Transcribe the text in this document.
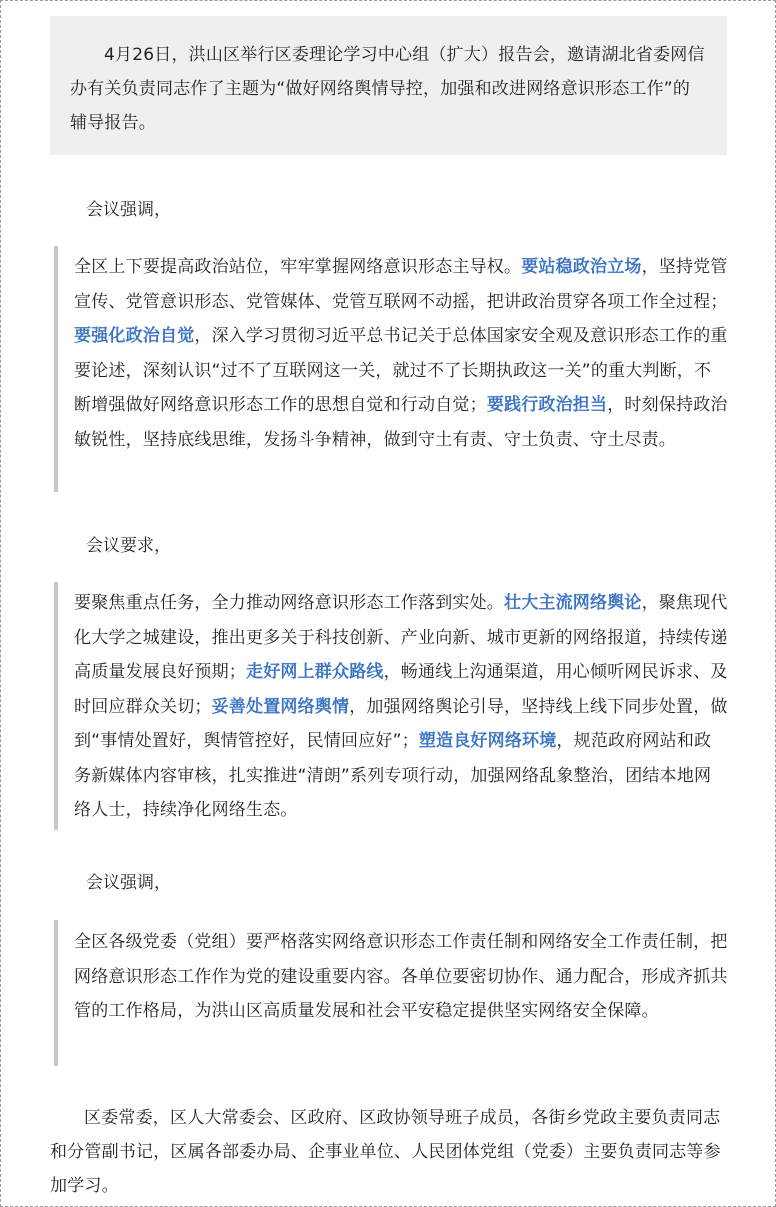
4月26日，洪山区举行区委理论学习中心组（扩大）报告会，邀请湖北省委网信办有关负责同志作了主题为“做好网络舆情导控，加强和改进网络意识形态工作”的辅导报告。

会议强调，

全区上下要提高政治站位，牢牢掌握网络意识形态主导权。要站稳政治立场，坚持党管宣传、党管意识形态、党管媒体、党管互联网不动摇，把讲政治贯穿各项工作全过程；要强化政治自觉，深入学习贯彻习近平总书记关于总体国家安全观及意识形态工作的重要论述，深刻认识“过不了互联网这一关，就过不了长期执政这一关”的重大判断，不断增强做好网络意识形态工作的思想自觉和行动自觉；要践行政治担当，时刻保持政治敏锐性，坚持底线思维，发扬斗争精神，做到守土有责、守土负责、守土尽责。

会议要求，

要聚焦重点任务，全力推动网络意识形态工作落到实处。壮大主流网络舆论，聚焦现代化大学之城建设，推出更多关于科技创新、产业向新、城市更新的网络报道，持续传递高质量发展良好预期；走好网上群众路线，畅通线上沟通渠道，用心倾听网民诉求、及时回应群众关切；妥善处置网络舆情，加强网络舆论引导，坚持线上线下同步处置，做到“事情处置好，舆情管控好，民情回应好”；塑造良好网络环境，规范政府网站和政务新媒体内容审核，扎实推进“清朗”系列专项行动，加强网络乱象整治，团结本地网络人士，持续净化网络生态。

会议强调，

全区各级党委（党组）要严格落实网络意识形态工作责任制和网络安全工作责任制，把网络意识形态工作作为党的建设重要内容。各单位要密切协作、通力配合，形成齐抓共管的工作格局，为洪山区高质量发展和社会平安稳定提供坚实网络安全保障。

区委常委，区人大常委会、区政府、区政协领导班子成员，各街乡党政主要负责同志和分管副书记，区属各部委办局、企事业单位、人民团体党组（党委）主要负责同志等参加学习。
